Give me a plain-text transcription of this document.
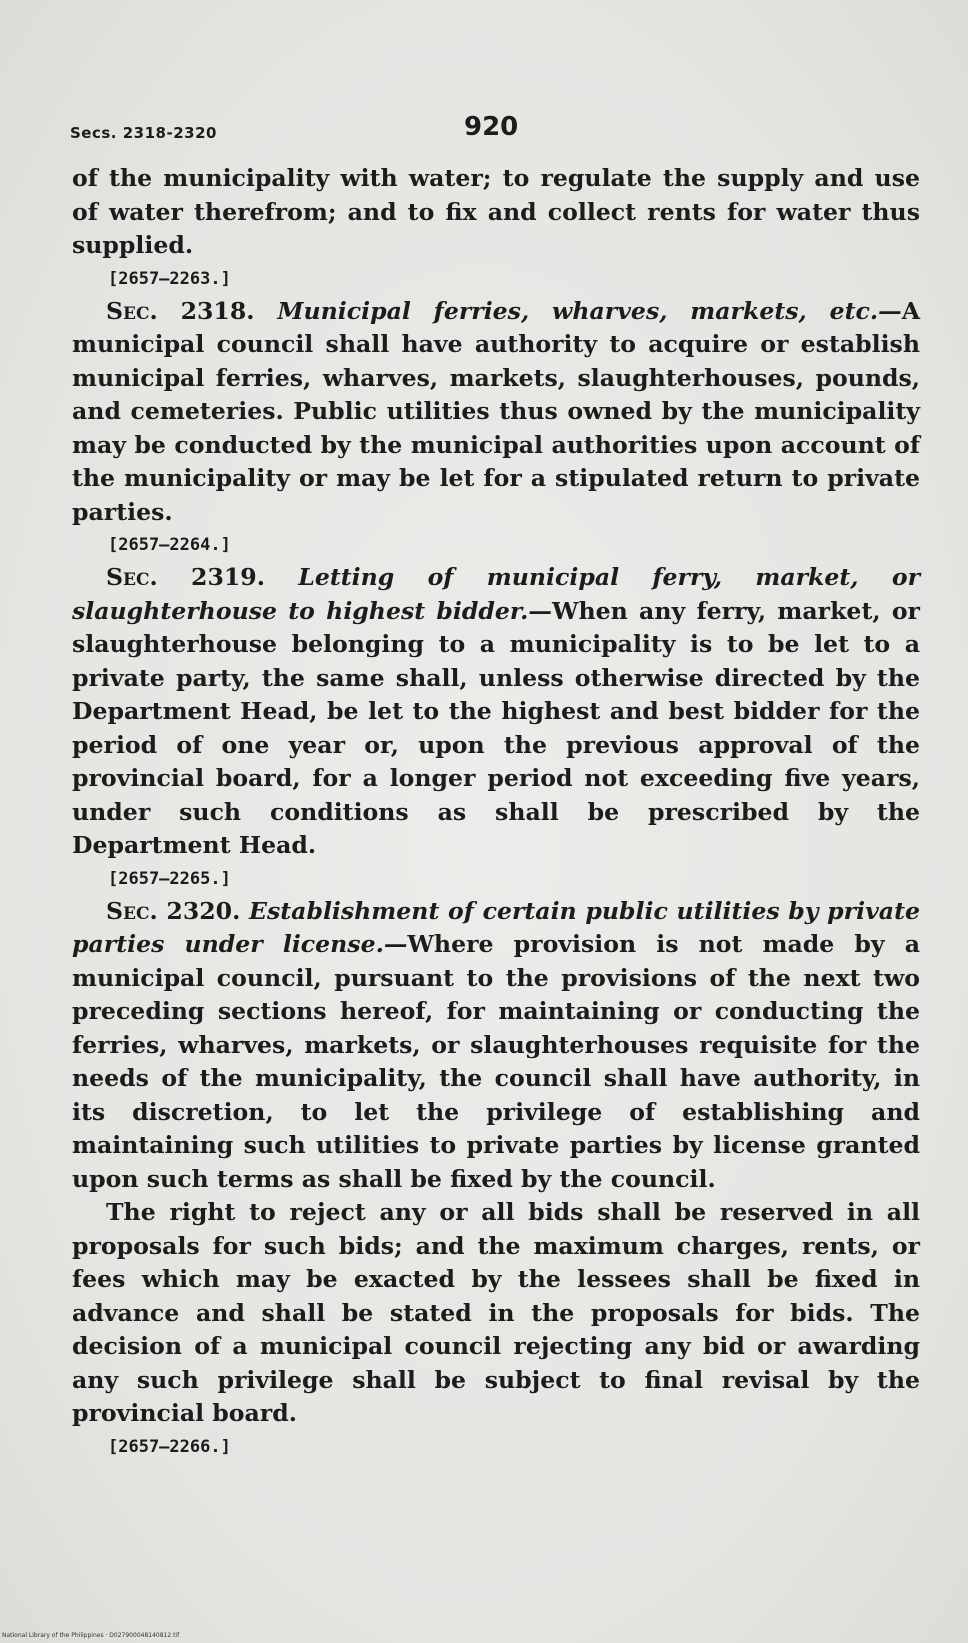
Secs. 2318-2320	920

of the municipality with water; to regulate the supply and use of water therefrom; and to fix and collect rents for water thus supplied.

[2657—2263.]

Sec. 2318. Municipal ferries, wharves, markets, etc.—A municipal council shall have authority to acquire or establish municipal ferries, wharves, markets, slaughterhouses, pounds, and cemeteries. Public utilities thus owned by the municipality may be conducted by the municipal authorities upon account of the municipality or may be let for a stipulated return to private parties.

[2657—2264.]

Sec. 2319. Letting of municipal ferry, market, or slaughterhouse to highest bidder.—When any ferry, market, or slaughterhouse belonging to a municipality is to be let to a private party, the same shall, unless otherwise directed by the Department Head, be let to the highest and best bidder for the period of one year or, upon the previous approval of the provincial board, for a longer period not exceeding five years, under such conditions as shall be prescribed by the Department Head.

[2657—2265.]

Sec. 2320. Establishment of certain public utilities by private parties under license.—Where provision is not made by a municipal council, pursuant to the provisions of the next two preceding sections hereof, for maintaining or conducting the ferries, wharves, markets, or slaughterhouses requisite for the needs of the municipality, the council shall have authority, in its discretion, to let the privilege of establishing and maintaining such utilities to private parties by license granted upon such terms as shall be fixed by the council.

The right to reject any or all bids shall be reserved in all proposals for such bids; and the maximum charges, rents, or fees which may be exacted by the lessees shall be fixed in advance and shall be stated in the proposals for bids. The decision of a municipal council rejecting any bid or awarding any such privilege shall be subject to final revisal by the provincial board.

[2657—2266.]

National Library of the Philippines · D027900048140812.tif
